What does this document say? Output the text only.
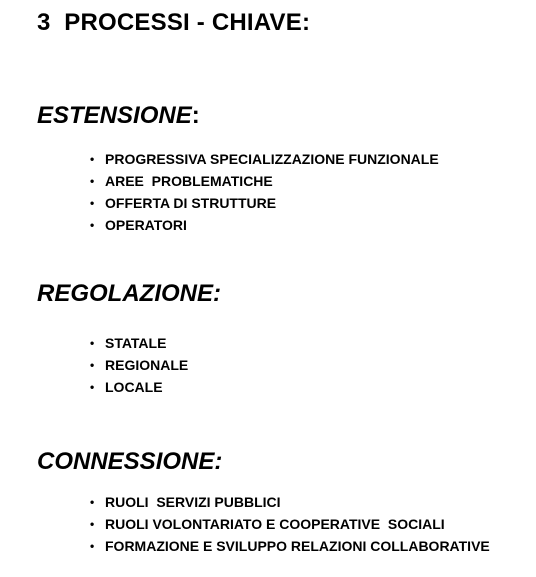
3  PROCESSI - CHIAVE:
ESTENSIONE:
• PROGRESSIVA SPECIALIZZAZIONE FUNZIONALE
• AREE  PROBLEMATICHE
• OFFERTA DI STRUTTURE
• OPERATORI
REGOLAZIONE:
• STATALE
• REGIONALE
• LOCALE
CONNESSIONE:
• RUOLI  SERVIZI PUBBLICI
• RUOLI VOLONTARIATO E COOPERATIVE  SOCIALI
• FORMAZIONE E SVILUPPO RELAZIONI COLLABORATIVE
